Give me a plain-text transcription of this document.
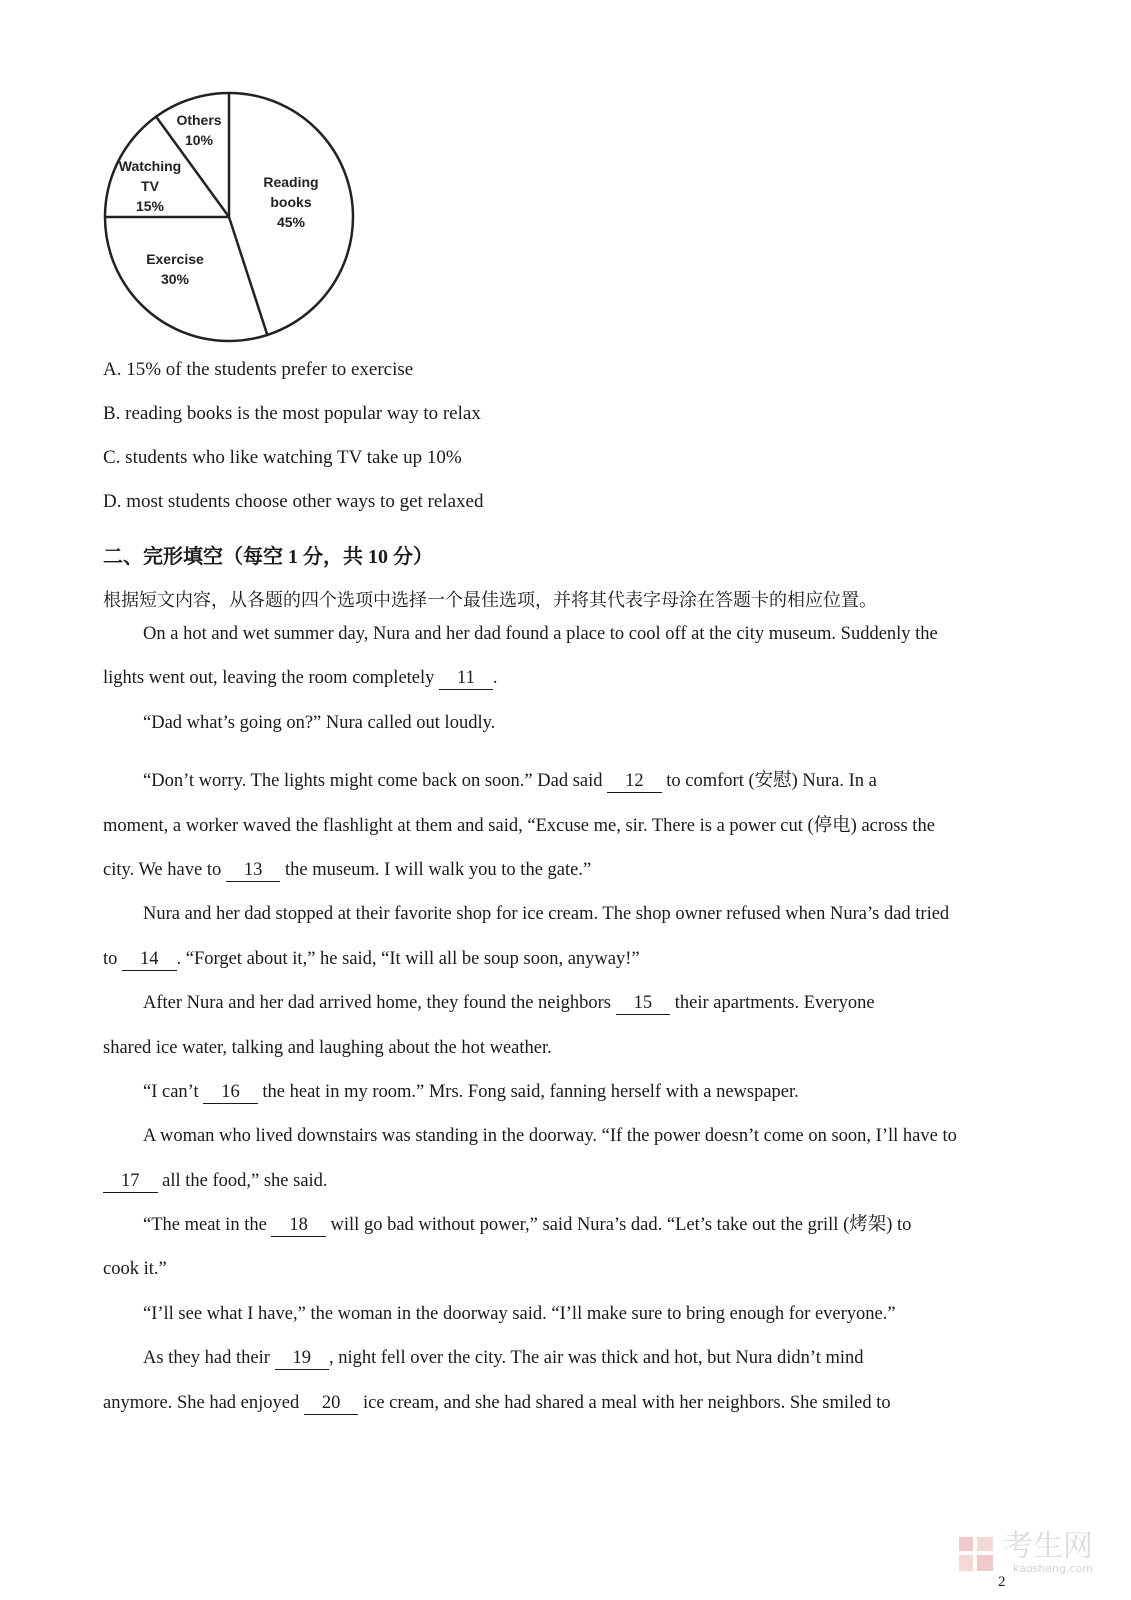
Reading books 45%
Exercise 30%
Watching TV 15%
Others 10%

A. 15% of the students prefer to exercise

B. reading books is the most popular way to relax

C. students who like watching TV take up 10%

D. most students choose other ways to get relaxed

二、完形填空（每空 1 分，共 10 分）
根据短文内容，从各题的四个选项中选择一个最佳选项，并将其代表字母涂在答题卡的相应位置。
On a hot and wet summer day, Nura and her dad found a place to cool off at the city museum. Suddenly the
lights went out, leaving the room completely 11 .
“Dad what’s going on?” Nura called out loudly.
“Don’t worry. The lights might come back on soon.” Dad said 12 to comfort (安慰) Nura. In a
moment, a worker waved the flashlight at them and said, “Excuse me, sir. There is a power cut (停电) across the
city. We have to 13 the museum. I will walk you to the gate.”
Nura and her dad stopped at their favorite shop for ice cream. The shop owner refused when Nura’s dad tried
to 14 . “Forget about it,” he said, “It will all be soup soon, anyway!”
After Nura and her dad arrived home, they found the neighbors 15 their apartments. Everyone
shared ice water, talking and laughing about the hot weather.
“I can’t 16 the heat in my room.” Mrs. Fong said, fanning herself with a newspaper.
A woman who lived downstairs was standing in the doorway. “If the power doesn’t come on soon, I’ll have to
17 all the food,” she said.
“The meat in the 18 will go bad without power,” said Nura’s dad. “Let’s take out the grill (烤架) to
cook it.”
“I’ll see what I have,” the woman in the doorway said. “I’ll make sure to bring enough for everyone.”
As they had their 19 , night fell over the city. The air was thick and hot, but Nura didn’t mind
anymore. She had enjoyed 20 ice cream, and she had shared a meal with her neighbors. She smiled to
考生网
kaosheng.com
2
